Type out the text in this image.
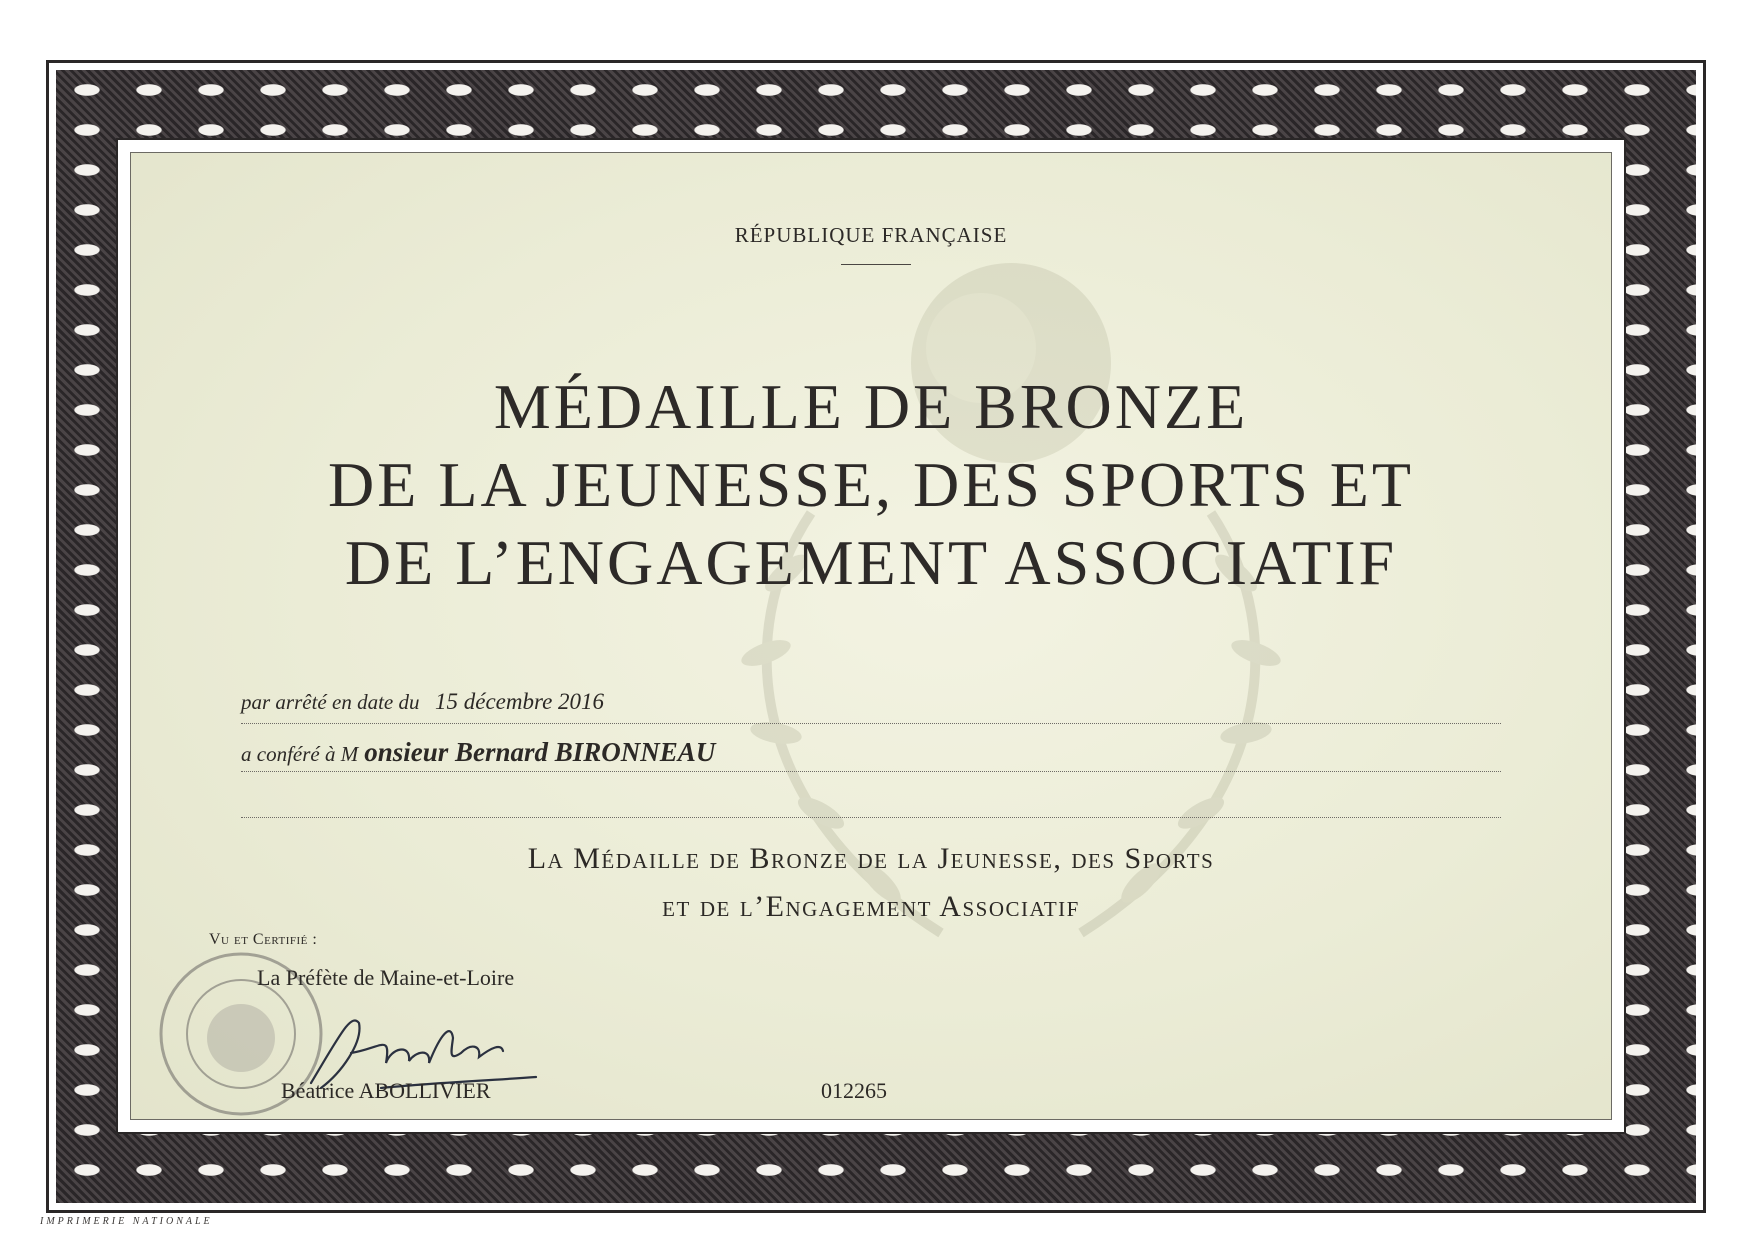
RÉPUBLIQUE FRANÇAISE
MÉDAILLE DE BRONZE
DE LA JEUNESSE, DES SPORTS ET
DE L’ENGAGEMENT ASSOCIATIF
par arrêté en date du 15 décembre 2016
a conféré à M onsieur Bernard BIRONNEAU
La Médaille de Bronze de la Jeunesse, des Sports
et de l’Engagement Associatif
Vu et Certifié :
La Préfète de Maine-et-Loire
Béatrice ABOLLIVIER	012265
IMPRIMERIE NATIONALE
